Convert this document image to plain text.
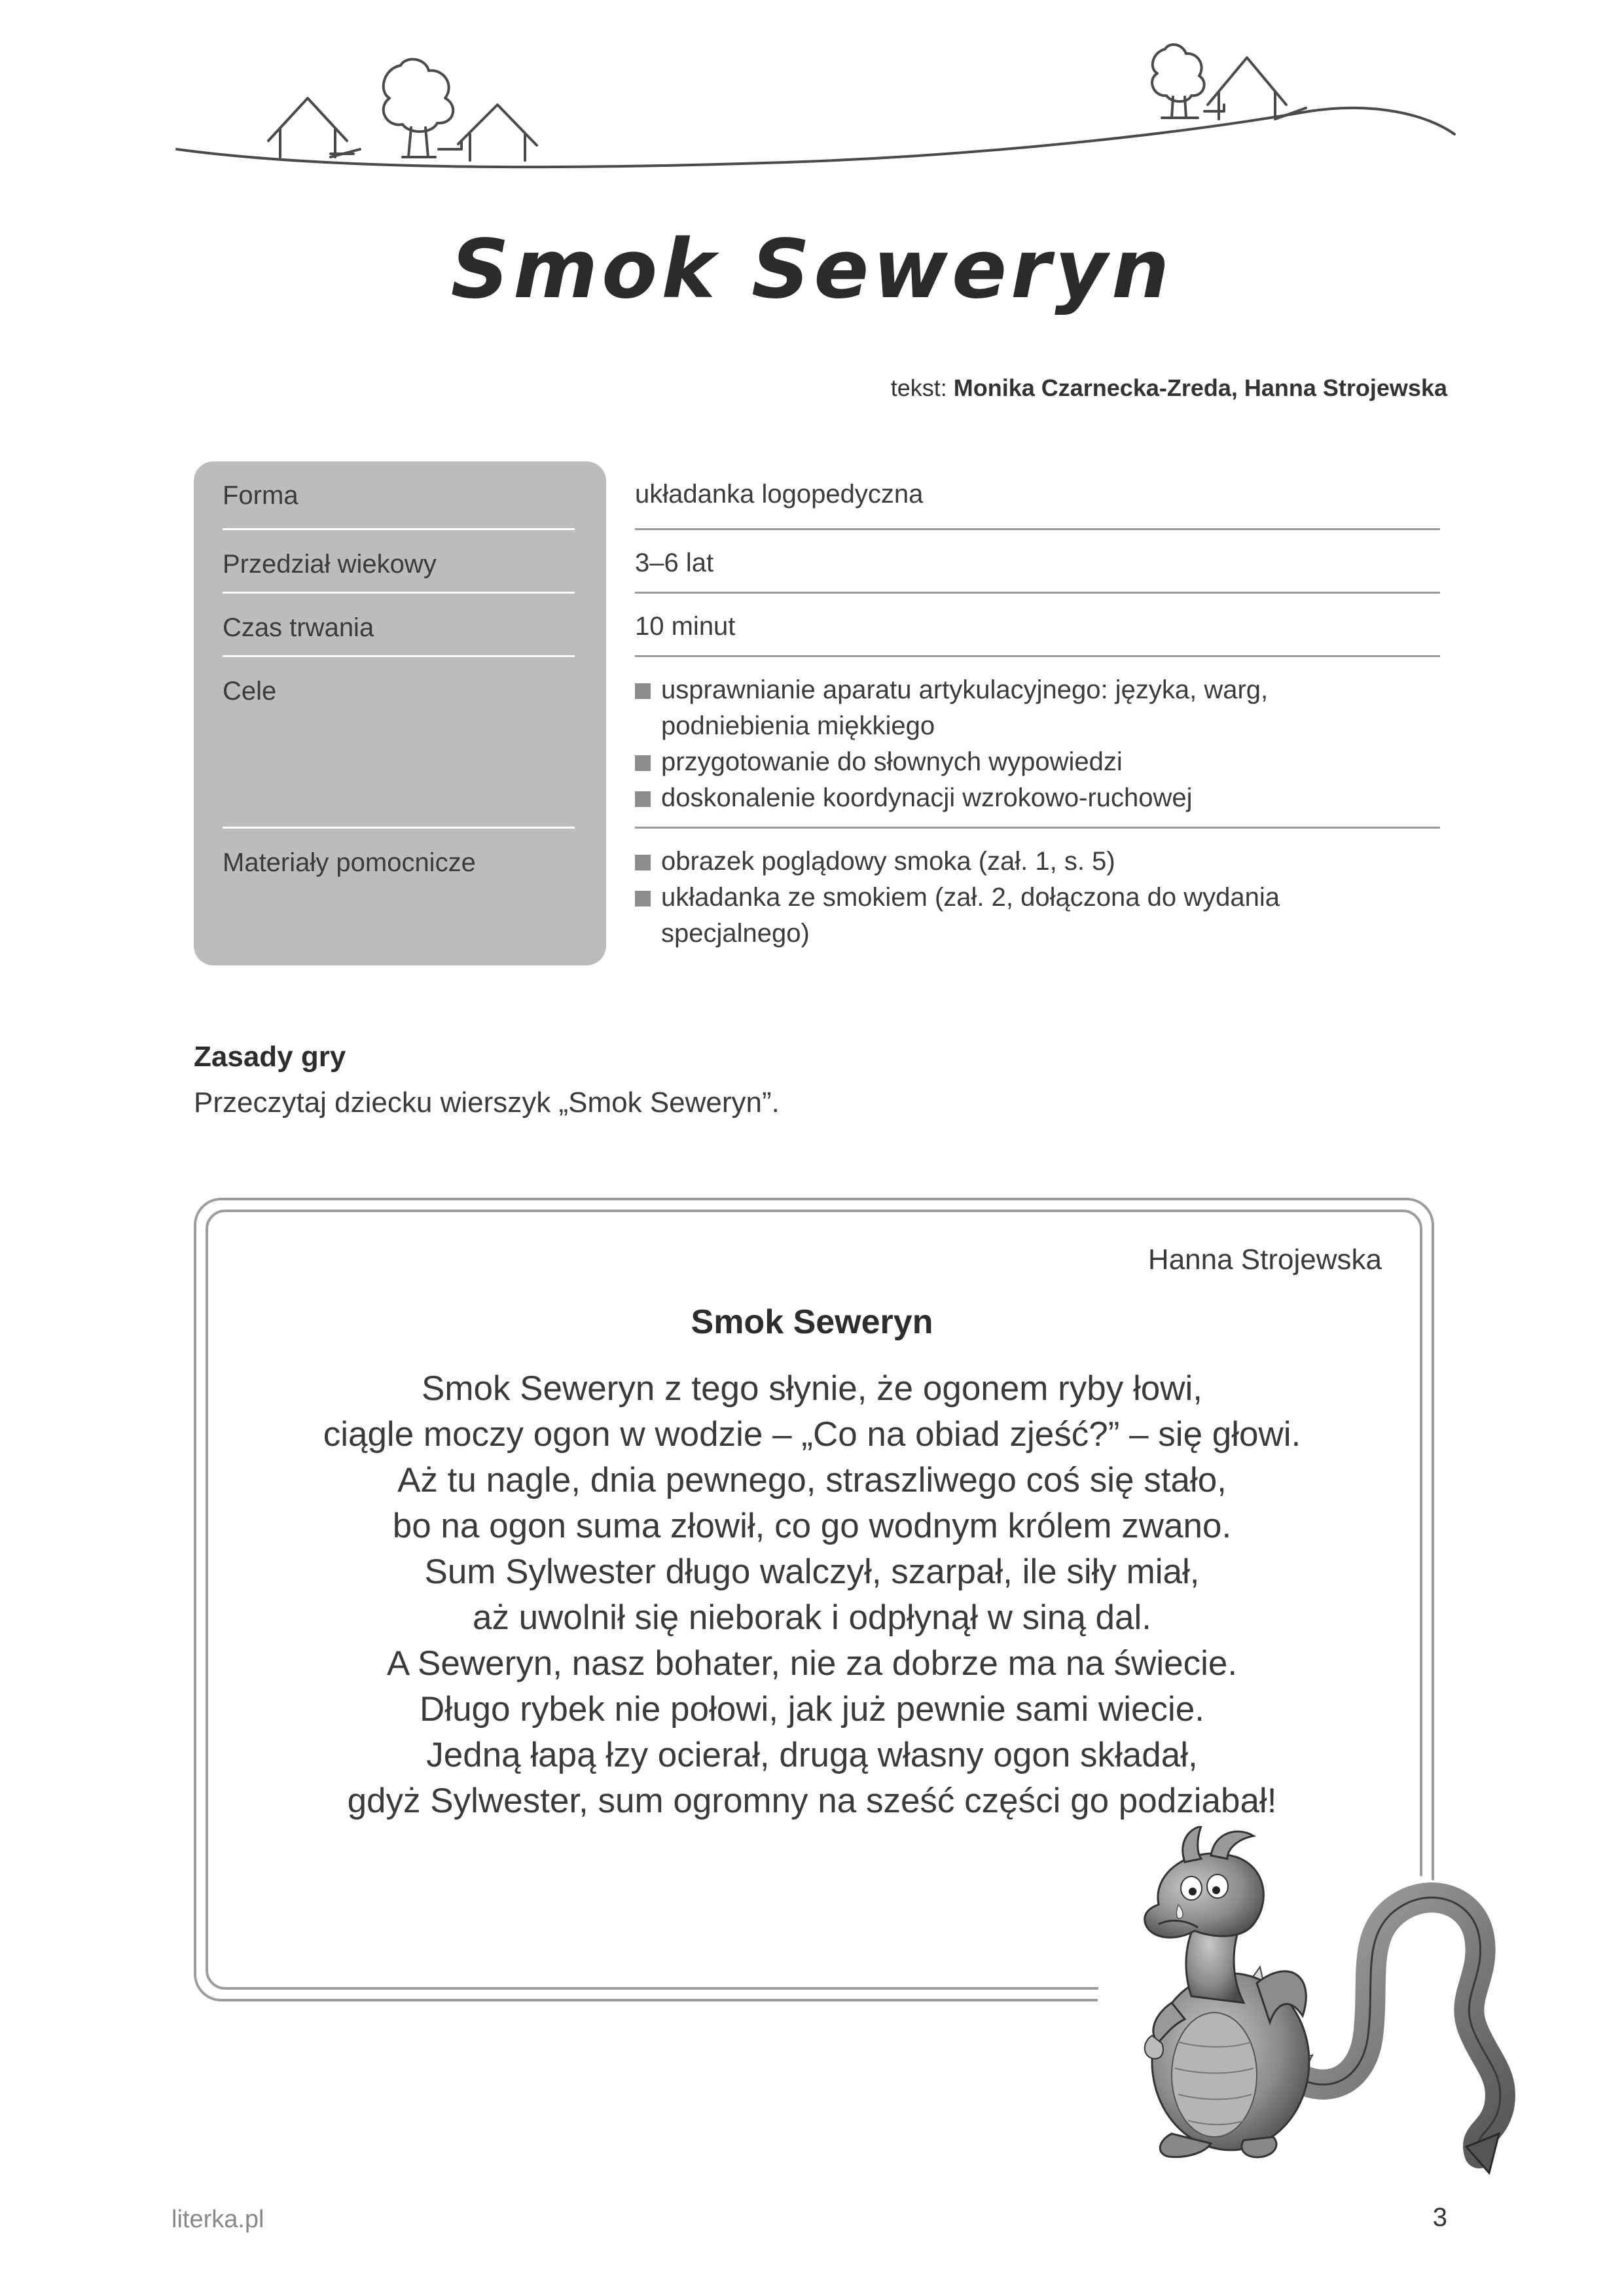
Smok Seweryn
tekst: Monika Czarnecka-Zreda, Hanna Strojewska
Forma	układanka logopedyczna
Przedział wiekowy	3–6 lat
Czas trwania	10 minut
Cele	usprawnianie aparatu artykulacyjnego: języka, warg,
podniebienia miękkiego
przygotowanie do słownych wypowiedzi
doskonalenie koordynacji wzrokowo-ruchowej
Materiały pomocnicze	obrazek poglądowy smoka (zał. 1, s. 5)
układanka ze smokiem (zał. 2, dołączona do wydania
specjalnego)
Zasady gry
Przeczytaj dziecku wierszyk „Smok Seweryn”.
Hanna Strojewska
Smok Seweryn
Smok Seweryn z tego słynie, że ogonem ryby łowi,
ciągle moczy ogon w wodzie – „Co na obiad zjeść?” – się głowi.
Aż tu nagle, dnia pewnego, straszliwego coś się stało,
bo na ogon suma złowił, co go wodnym królem zwano.
Sum Sylwester długo walczył, szarpał, ile siły miał,
aż uwolnił się nieborak i odpłynął w siną dal.
A Seweryn, nasz bohater, nie za dobrze ma na świecie.
Długo rybek nie połowi, jak już pewnie sami wiecie.
Jedną łapą łzy ocierał, drugą własny ogon składał,
gdyż Sylwester, sum ogromny na sześć części go podziabał!
literka.pl	3
